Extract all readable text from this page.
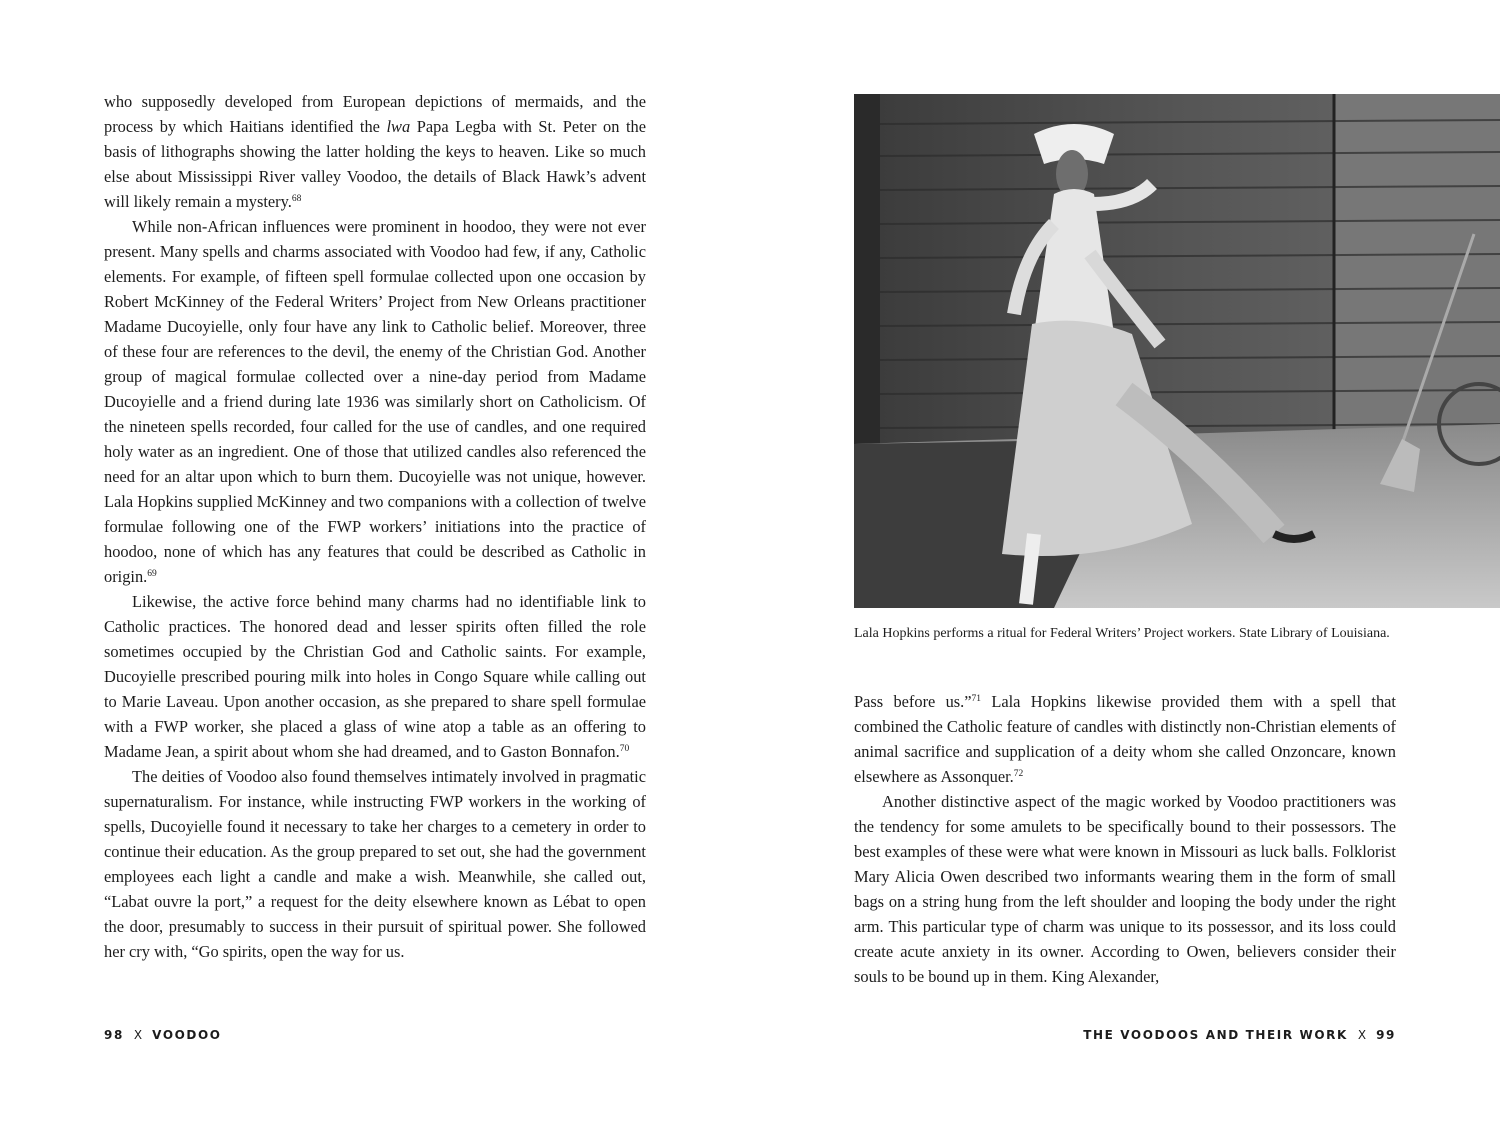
who supposedly developed from European depictions of mermaids, and the process by which Haitians identified the lwa Papa Legba with St. Peter on the basis of lithographs showing the latter holding the keys to heaven. Like so much else about Mississippi River valley Voodoo, the details of Black Hawk’s advent will likely remain a mystery.$^{68}$

While non-African influences were prominent in hoodoo, they were not ever present. Many spells and charms associated with Voodoo had few, if any, Catholic elements. For example, of fifteen spell formulae collected upon one occasion by Robert McKinney of the Federal Writers’ Project from New Orleans practitioner Madame Ducoyielle, only four have any link to Catholic belief. Moreover, three of these four are references to the devil, the enemy of the Christian God. Another group of magical formulae collected over a nine-day period from Madame Ducoyielle and a friend during late 1936 was similarly short on Catholicism. Of the nineteen spells recorded, four called for the use of candles, and one required holy water as an ingredient. One of those that utilized candles also referenced the need for an altar upon which to burn them. Ducoyielle was not unique, however. Lala Hopkins supplied McKinney and two companions with a collection of twelve formulae following one of the FWP workers’ initiations into the practice of hoodoo, none of which has any features that could be described as Catholic in origin.$^{69}$

Likewise, the active force behind many charms had no identifiable link to Catholic practices. The honored dead and lesser spirits often filled the role sometimes occupied by the Christian God and Catholic saints. For example, Ducoyielle prescribed pouring milk into holes in Congo Square while calling out to Marie Laveau. Upon another occasion, as she prepared to share spell formulae with a FWP worker, she placed a glass of wine atop a table as an offering to Madame Jean, a spirit about whom she had dreamed, and to Gaston Bonnafon.$^{70}$

The deities of Voodoo also found themselves intimately involved in pragmatic supernaturalism. For instance, while instructing FWP workers in the working of spells, Ducoyielle found it necessary to take her charges to a cemetery in order to continue their education. As the group prepared to set out, she had the government employees each light a candle and make a wish. Meanwhile, she called out, “Labat ouvre la port,” a request for the deity elsewhere known as Lébat to open the door, presumably to success in their pursuit of spiritual power. She followed her cry with, “Go spirits, open the way for us.

98 X VOODOO
Lala Hopkins performs a ritual for Federal Writers’ Project workers. State Library of Louisiana.

Pass before us.”$^{71}$ Lala Hopkins likewise provided them with a spell that combined the Catholic feature of candles with distinctly non-Christian elements of animal sacrifice and supplication of a deity whom she called Onzoncare, known elsewhere as Assonquer.$^{72}$

Another distinctive aspect of the magic worked by Voodoo practitioners was the tendency for some amulets to be specifically bound to their possessors. The best examples of these were what were known in Missouri as luck balls. Folklorist Mary Alicia Owen described two informants wearing them in the form of small bags on a string hung from the left shoulder and looping the body under the right arm. This particular type of charm was unique to its possessor, and its loss could create acute anxiety in its owner. According to Owen, believers consider their souls to be bound up in them. King Alexander,

THE VOODOOS AND THEIR WORK X 99
